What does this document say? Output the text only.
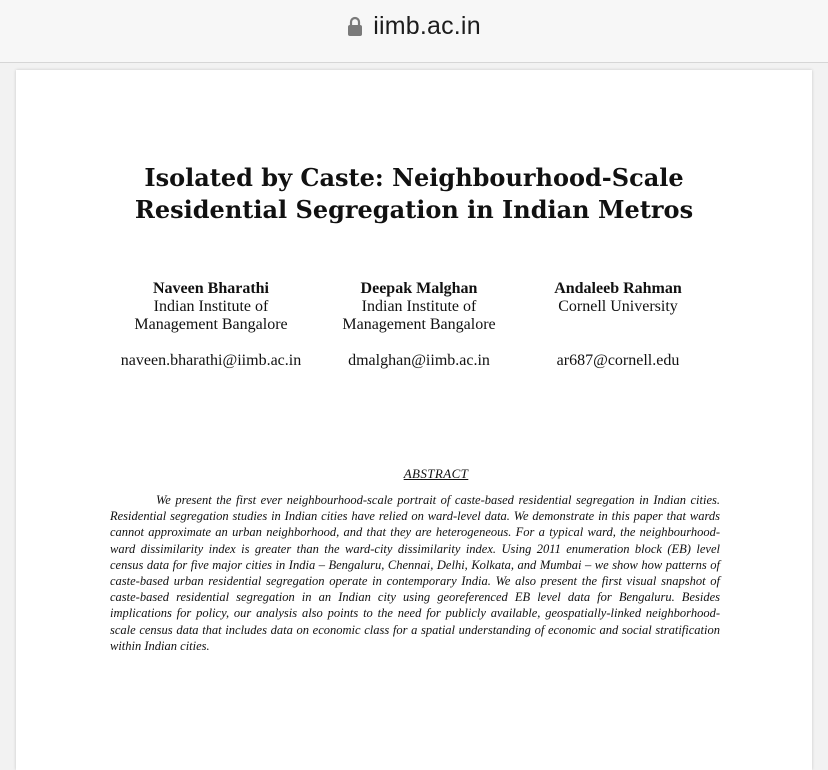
iimb.ac.in
Isolated by Caste: Neighbourhood-Scale
Residential Segregation in Indian Metros
Naveen Bharathi
Indian Institute of
Management Bangalore
naveen.bharathi@iimb.ac.in
Deepak Malghan
Indian Institute of
Management Bangalore
dmalghan@iimb.ac.in
Andaleeb Rahman
Cornell University
ar687@cornell.edu
ABSTRACT
We present the first ever neighbourhood-scale portrait of caste-based residential segregation in Indian cities. Residential segregation studies in Indian cities have relied on ward-level data. We demonstrate in this paper that wards cannot approximate an urban neighborhood, and that they are heterogeneous. For a typical ward, the neighbourhood-ward dissimilarity index is greater than the ward-city dissimilarity index. Using 2011 enumeration block (EB) level census data for five major cities in India – Bengaluru, Chennai, Delhi, Kolkata, and Mumbai – we show how patterns of caste-based urban residential segregation operate in contemporary India. We also present the first visual snapshot of caste-based residential segregation in an Indian city using georeferenced EB level data for Bengaluru. Besides implications for policy, our analysis also points to the need for publicly available, geospatially-linked neighborhood-scale census data that includes data on economic class for a spatial understanding of economic and social stratification within Indian cities.
